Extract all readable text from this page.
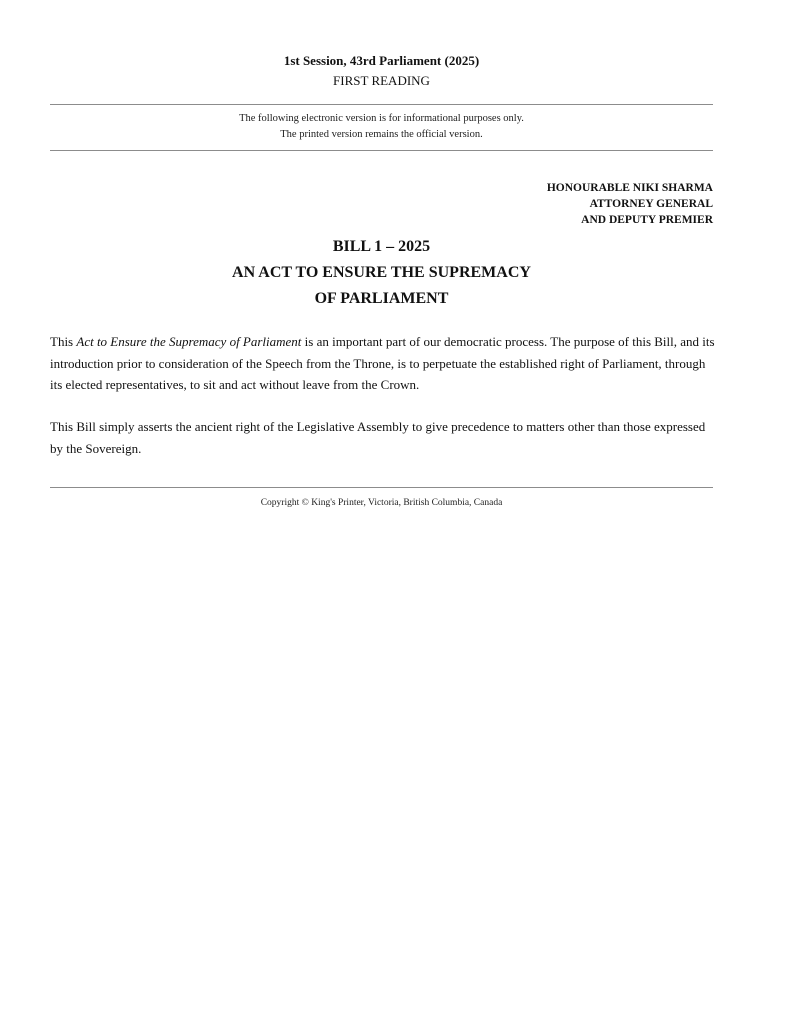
1st Session, 43rd Parliament (2025)
FIRST READING
The following electronic version is for informational purposes only.
The printed version remains the official version.
HONOURABLE NIKI SHARMA
ATTORNEY GENERAL
AND DEPUTY PREMIER
BILL 1 – 2025
AN ACT TO ENSURE THE SUPREMACY
OF PARLIAMENT
This Act to Ensure the Supremacy of Parliament is an important part of our democratic process. The purpose of this Bill, and its introduction prior to consideration of the Speech from the Throne, is to perpetuate the established right of Parliament, through its elected representatives, to sit and act without leave from the Crown.
This Bill simply asserts the ancient right of the Legislative Assembly to give precedence to matters other than those expressed by the Sovereign.
Copyright © King's Printer, Victoria, British Columbia, Canada
